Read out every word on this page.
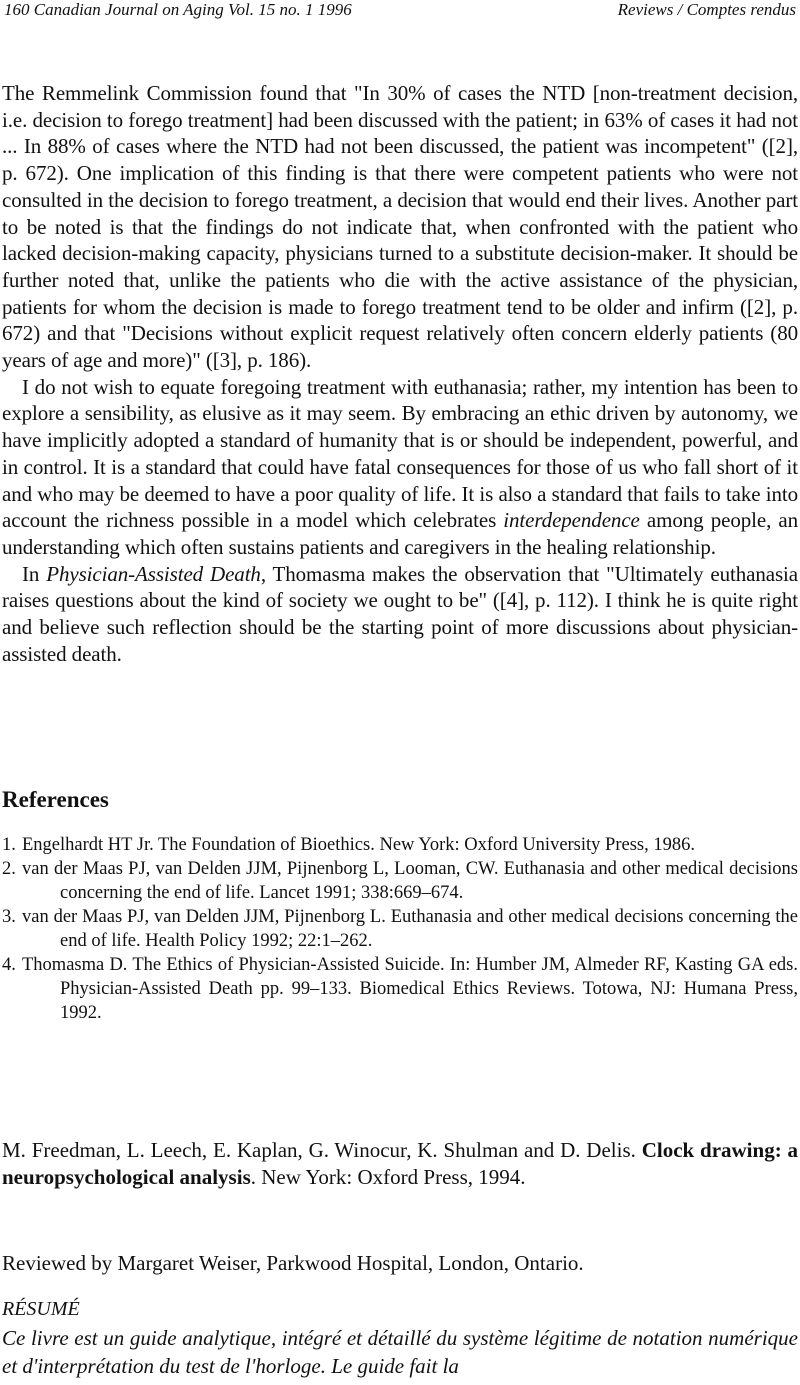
160 Canadian Journal on Aging Vol. 15 no. 1 1996	Reviews / Comptes rendus

The Remmelink Commission found that "In 30% of cases the NTD [non-treatment decision, i.e. decision to forego treatment] had been discussed with the patient; in 63% of cases it had not ... In 88% of cases where the NTD had not been discussed, the patient was incompetent" ([2], p. 672). One implication of this finding is that there were competent patients who were not consulted in the decision to forego treatment, a decision that would end their lives. Another part to be noted is that the findings do not indicate that, when confronted with the patient who lacked decision-making capacity, physicians turned to a substitute decision-maker. It should be further noted that, unlike the patients who die with the active assistance of the physician, patients for whom the decision is made to forego treatment tend to be older and infirm ([2], p. 672) and that "Decisions without explicit request relatively often concern elderly patients (80 years of age and more)" ([3], p. 186).

I do not wish to equate foregoing treatment with euthanasia; rather, my intention has been to explore a sensibility, as elusive as it may seem. By embracing an ethic driven by autonomy, we have implicitly adopted a standard of humanity that is or should be independent, powerful, and in control. It is a standard that could have fatal consequences for those of us who fall short of it and who may be deemed to have a poor quality of life. It is also a standard that fails to take into account the richness possible in a model which celebrates interdependence among people, an understanding which often sustains patients and caregivers in the healing relationship.

In Physician-Assisted Death, Thomasma makes the observation that "Ultimately euthanasia raises questions about the kind of society we ought to be" ([4], p. 112). I think he is quite right and believe such reflection should be the starting point of more discussions about physician-assisted death.

References
1. Engelhardt HT Jr. The Foundation of Bioethics. New York: Oxford University Press, 1986.
2. van der Maas PJ, van Delden JJM, Pijnenborg L, Looman, CW. Euthanasia and other medical decisions concerning the end of life. Lancet 1991; 338:669–674.
3. van der Maas PJ, van Delden JJM, Pijnenborg L. Euthanasia and other medical decisions concerning the end of life. Health Policy 1992; 22:1–262.
4. Thomasma D. The Ethics of Physician-Assisted Suicide. In: Humber JM, Almeder RF, Kasting GA eds. Physician-Assisted Death pp. 99–133. Biomedical Ethics Reviews. Totowa, NJ: Humana Press, 1992.
M. Freedman, L. Leech, E. Kaplan, G. Winocur, K. Shulman and D. Delis. Clock drawing: a neuropsychological analysis. New York: Oxford Press, 1994.
Reviewed by Margaret Weiser, Parkwood Hospital, London, Ontario.
RÉSUMÉ
Ce livre est un guide analytique, intégré et détaillé du système légitime de notation numérique et d'interprétation du test de l'horloge. Le guide fait la
